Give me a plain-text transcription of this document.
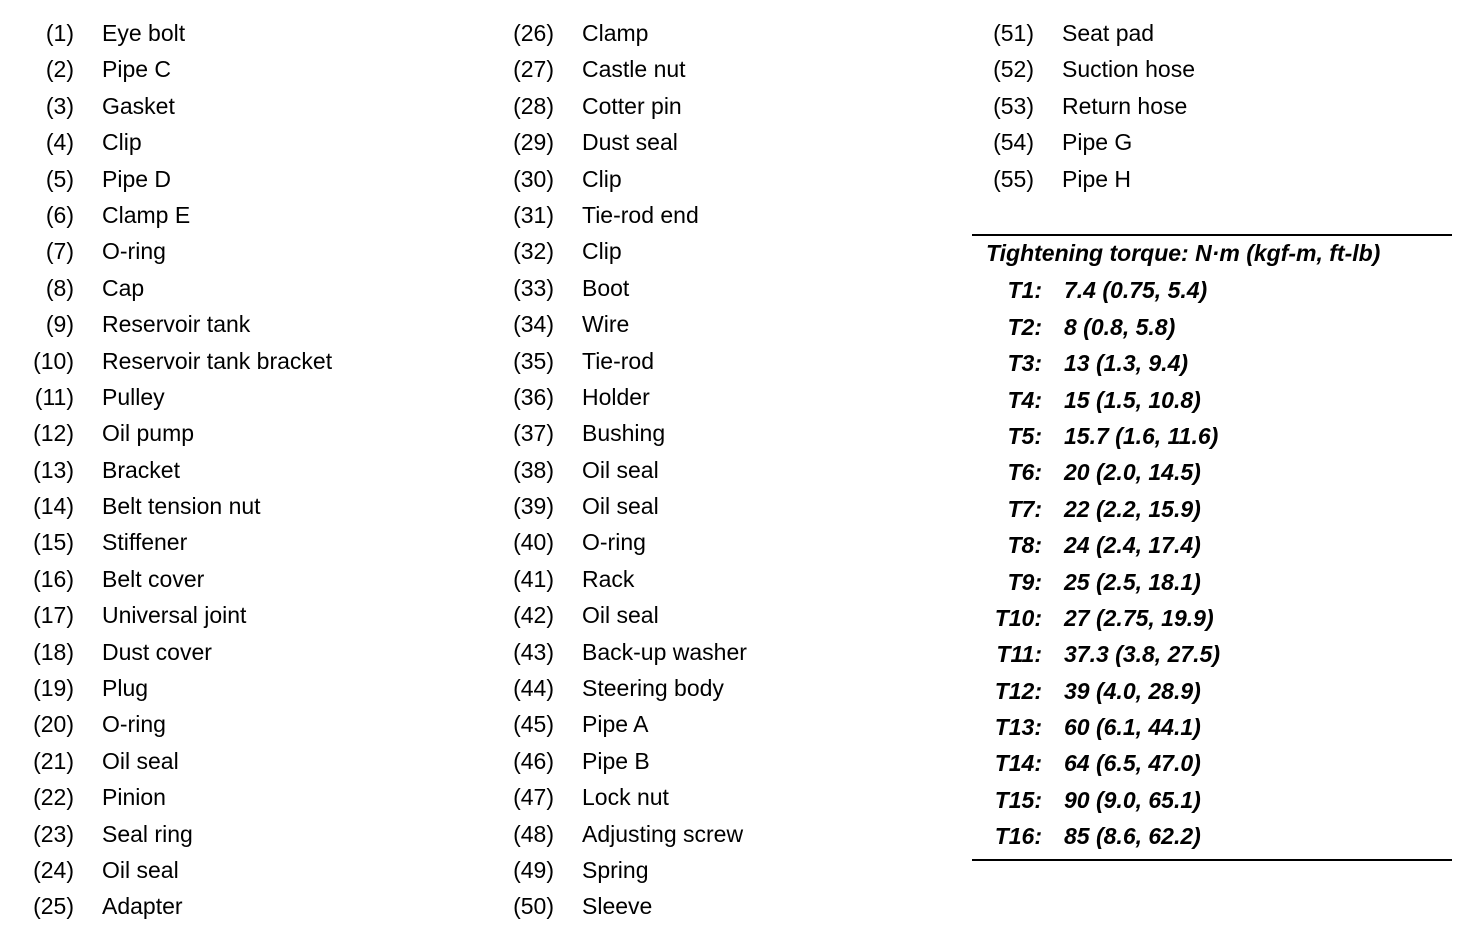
(1) Eye bolt
(2) Pipe C
(3) Gasket
(4) Clip
(5) Pipe D
(6) Clamp E
(7) O-ring
(8) Cap
(9) Reservoir tank
(10) Reservoir tank bracket
(11) Pulley
(12) Oil pump
(13) Bracket
(14) Belt tension nut
(15) Stiffener
(16) Belt cover
(17) Universal joint
(18) Dust cover
(19) Plug
(20) O-ring
(21) Oil seal
(22) Pinion
(23) Seal ring
(24) Oil seal
(25) Adapter
(26) Clamp
(27) Castle nut
(28) Cotter pin
(29) Dust seal
(30) Clip
(31) Tie-rod end
(32) Clip
(33) Boot
(34) Wire
(35) Tie-rod
(36) Holder
(37) Bushing
(38) Oil seal
(39) Oil seal
(40) O-ring
(41) Rack
(42) Oil seal
(43) Back-up washer
(44) Steering body
(45) Pipe A
(46) Pipe B
(47) Lock nut
(48) Adjusting screw
(49) Spring
(50) Sleeve
(51) Seat pad
(52) Suction hose
(53) Return hose
(54) Pipe G
(55) Pipe H
Tightening torque: N·m (kgf-m, ft-lb)
T1: 7.4 (0.75, 5.4)
T2: 8 (0.8, 5.8)
T3: 13 (1.3, 9.4)
T4: 15 (1.5, 10.8)
T5: 15.7 (1.6, 11.6)
T6: 20 (2.0, 14.5)
T7: 22 (2.2, 15.9)
T8: 24 (2.4, 17.4)
T9: 25 (2.5, 18.1)
T10: 27 (2.75, 19.9)
T11: 37.3 (3.8, 27.5)
T12: 39 (4.0, 28.9)
T13: 60 (6.1, 44.1)
T14: 64 (6.5, 47.0)
T15: 90 (9.0, 65.1)
T16: 85 (8.6, 62.2)
